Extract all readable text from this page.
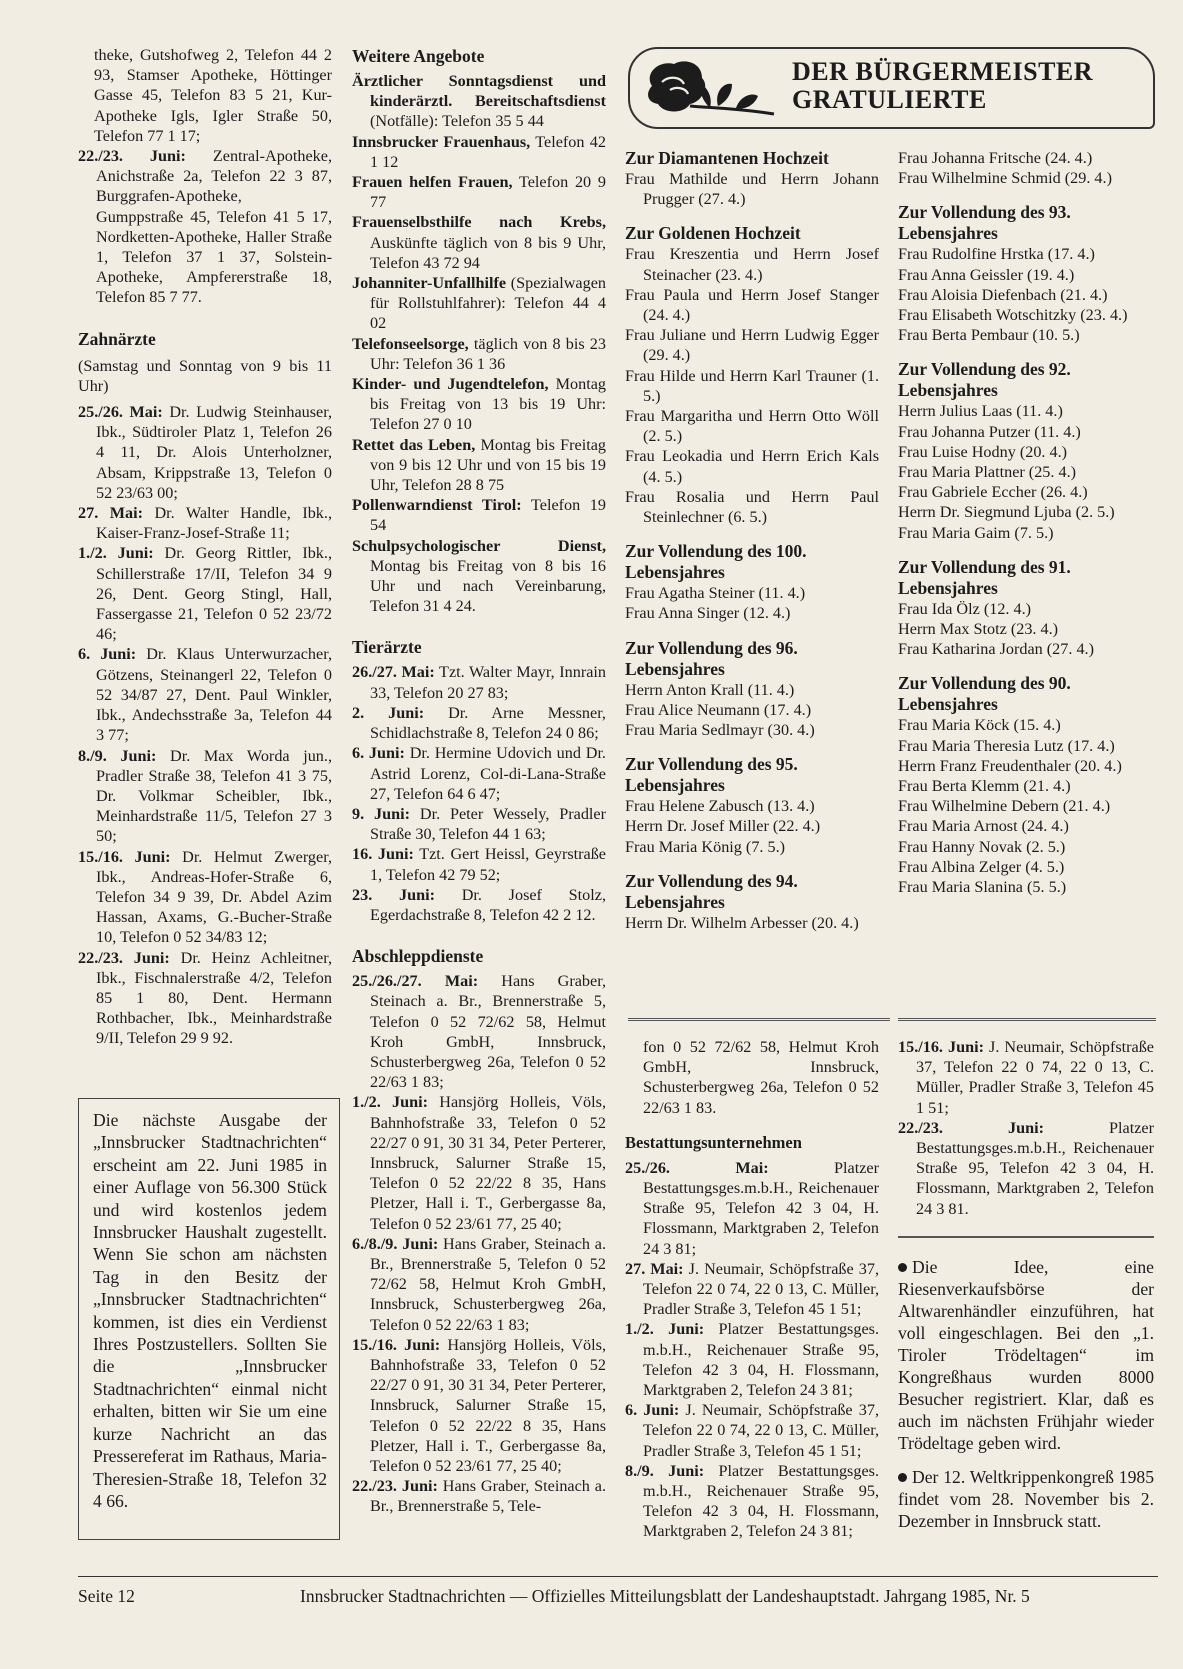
theke, Gutshofweg 2, Telefon 44 2 93, Stamser Apotheke, Höttinger Gasse 45, Telefon 83 5 21, Kur-Apotheke Igls, Igler Straße 50, Telefon 77 1 17;

22./23. Juni: Zentral-Apotheke, Anichstraße 2a, Telefon 22 3 87, Burggrafen-Apotheke, Gumppstraße 45, Telefon 41 5 17, Nordketten-Apotheke, Haller Straße 1, Telefon 37 1 37, Solstein-Apotheke, Ampfererstraße 18, Telefon 85 7 77.

Zahnärzte

(Samstag und Sonntag von 9 bis 11 Uhr)

25./26. Mai: Dr. Ludwig Steinhauser, Ibk., Südtiroler Platz 1, Telefon 26 4 11, Dr. Alois Unterholzner, Absam, Krippstraße 13, Telefon 0 52 23/63 00;

27. Mai: Dr. Walter Handle, Ibk., Kaiser-Franz-Josef-Straße 11;

1./2. Juni: Dr. Georg Rittler, Ibk., Schillerstraße 17/II, Telefon 34 9 26, Dent. Georg Stingl, Hall, Fassergasse 21, Telefon 0 52 23/72 46;

6. Juni: Dr. Klaus Unterwurzacher, Götzens, Steinangerl 22, Telefon 0 52 34/87 27, Dent. Paul Winkler, Ibk., Andechsstraße 3a, Telefon 44 3 77;

8./9. Juni: Dr. Max Worda jun., Pradler Straße 38, Telefon 41 3 75, Dr. Volkmar Scheibler, Ibk., Meinhardstraße 11/5, Telefon 27 3 50;

15./16. Juni: Dr. Helmut Zwerger, Ibk., Andreas-Hofer-Straße 6, Telefon 34 9 39, Dr. Abdel Azim Hassan, Axams, G.-Bucher-Straße 10, Telefon 0 52 34/83 12;

22./23. Juni: Dr. Heinz Achleitner, Ibk., Fischnalerstraße 4/2, Telefon 85 1 80, Dent. Hermann Rothbacher, Ibk., Meinhardstraße 9/II, Telefon 29 9 92.

Die nächste Ausgabe der „Innsbrucker Stadtnachrichten“ erscheint am 22. Juni 1985 in einer Auflage von 56.300 Stück und wird kostenlos jedem Innsbrucker Haushalt zugestellt. Wenn Sie schon am nächsten Tag in den Besitz der „Innsbrucker Stadtnachrichten“ kommen, ist dies ein Verdienst Ihres Postzustellers. Sollten Sie die „Innsbrucker Stadtnachrichten“ einmal nicht erhalten, bitten wir Sie um eine kurze Nachricht an das Pressereferat im Rathaus, Maria-Theresien-Straße 18, Telefon 32 4 66.
Weitere Angebote

Ärztlicher Sonntagsdienst und kinderärztl. Bereitschaftsdienst (Notfälle): Telefon 35 5 44

Innsbrucker Frauenhaus, Telefon 42 1 12

Frauen helfen Frauen, Telefon 20 9 77

Frauenselbsthilfe nach Krebs, Auskünfte täglich von 8 bis 9 Uhr, Telefon 43 72 94

Johanniter-Unfallhilfe (Spezialwagen für Rollstuhlfahrer): Telefon 44 4 02

Telefonseelsorge, täglich von 8 bis 23 Uhr: Telefon 36 1 36

Kinder- und Jugendtelefon, Montag bis Freitag von 13 bis 19 Uhr: Telefon 27 0 10

Rettet das Leben, Montag bis Freitag von 9 bis 12 Uhr und von 15 bis 19 Uhr, Telefon 28 8 75

Pollenwarndienst Tirol: Telefon 19 54

Schulpsychologischer Dienst, Montag bis Freitag von 8 bis 16 Uhr und nach Vereinbarung, Telefon 31 4 24.

Tierärzte

26./27. Mai: Tzt. Walter Mayr, Innrain 33, Telefon 20 27 83;

2. Juni: Dr. Arne Messner, Schidlachstraße 8, Telefon 24 0 86;

6. Juni: Dr. Hermine Udovich und Dr. Astrid Lorenz, Col-di-Lana-Straße 27, Telefon 64 6 47;

9. Juni: Dr. Peter Wessely, Pradler Straße 30, Telefon 44 1 63;

16. Juni: Tzt. Gert Heissl, Geyrstraße 1, Telefon 42 79 52;

23. Juni: Dr. Josef Stolz, Egerdachstraße 8, Telefon 42 2 12.

Abschleppdienste

25./26./27. Mai: Hans Graber, Steinach a. Br., Brennerstraße 5, Telefon 0 52 72/62 58, Helmut Kroh GmbH, Innsbruck, Schusterbergweg 26a, Telefon 0 52 22/63 1 83;

1./2. Juni: Hansjörg Holleis, Völs, Bahnhofstraße 33, Telefon 0 52 22/27 0 91, 30 31 34, Peter Perterer, Innsbruck, Salurner Straße 15, Telefon 0 52 22/22 8 35, Hans Pletzer, Hall i. T., Gerbergasse 8a, Telefon 0 52 23/61 77, 25 40;

6./8./9. Juni: Hans Graber, Steinach a. Br., Brennerstraße 5, Telefon 0 52 72/62 58, Helmut Kroh GmbH, Innsbruck, Schusterbergweg 26a, Telefon 0 52 22/63 1 83;

15./16. Juni: Hansjörg Holleis, Völs, Bahnhofstraße 33, Telefon 0 52 22/27 0 91, 30 31 34, Peter Perterer, Innsbruck, Salurner Straße 15, Telefon 0 52 22/22 8 35, Hans Pletzer, Hall i. T., Gerbergasse 8a, Telefon 0 52 23/61 77, 25 40;

22./23. Juni: Hans Graber, Steinach a. Br., Brennerstraße 5, Tele-

DER BÜRGERMEISTER
GRATULIERTE
Zur Diamantenen Hochzeit

Frau Mathilde und Herrn Johann Prugger (27. 4.)

Zur Goldenen Hochzeit

Frau Kreszentia und Herrn Josef Steinacher (23. 4.)

Frau Paula und Herrn Josef Stanger (24. 4.)

Frau Juliane und Herrn Ludwig Egger (29. 4.)

Frau Hilde und Herrn Karl Trauner (1. 5.)

Frau Margaritha und Herrn Otto Wöll (2. 5.)

Frau Leokadia und Herrn Erich Kals (4. 5.)

Frau Rosalia und Herrn Paul Steinlechner (6. 5.)

Zur Vollendung des 100. Lebensjahres

Frau Agatha Steiner (11. 4.)

Frau Anna Singer (12. 4.)

Zur Vollendung des 96. Lebensjahres

Herrn Anton Krall (11. 4.)

Frau Alice Neumann (17. 4.)

Frau Maria Sedlmayr (30. 4.)

Zur Vollendung des 95. Lebensjahres

Frau Helene Zabusch (13. 4.)

Herrn Dr. Josef Miller (22. 4.)

Frau Maria König (7. 5.)

Zur Vollendung des 94. Lebensjahres

Herrn Dr. Wilhelm Arbesser (20. 4.)

Frau Johanna Fritsche (24. 4.)

Frau Wilhelmine Schmid (29. 4.)

Zur Vollendung des 93. Lebensjahres

Frau Rudolfine Hrstka (17. 4.)

Frau Anna Geissler (19. 4.)

Frau Aloisia Diefenbach (21. 4.)

Frau Elisabeth Wotschitzky (23. 4.)

Frau Berta Pembaur (10. 5.)

Zur Vollendung des 92. Lebensjahres

Herrn Julius Laas (11. 4.)

Frau Johanna Putzer (11. 4.)

Frau Luise Hodny (20. 4.)

Frau Maria Plattner (25. 4.)

Frau Gabriele Eccher (26. 4.)

Herrn Dr. Siegmund Ljuba (2. 5.)

Frau Maria Gaim (7. 5.)

Zur Vollendung des 91. Lebensjahres

Frau Ida Ölz (12. 4.)

Herrn Max Stotz (23. 4.)

Frau Katharina Jordan (27. 4.)

Zur Vollendung des 90. Lebensjahres

Frau Maria Köck (15. 4.)

Frau Maria Theresia Lutz (17. 4.)

Herrn Franz Freudenthaler (20. 4.)

Frau Berta Klemm (21. 4.)

Frau Wilhelmine Debern (21. 4.)

Frau Maria Arnost (24. 4.)

Frau Hanny Novak (2. 5.)

Frau Albina Zelger (4. 5.)

Frau Maria Slanina (5. 5.)

fon 0 52 72/62 58, Helmut Kroh GmbH, Innsbruck, Schusterbergweg 26a, Telefon 0 52 22/63 1 83.

Bestattungsunternehmen

25./26. Mai: Platzer Bestattungsges.m.b.H., Reichenauer Straße 95, Telefon 42 3 04, H. Flossmann, Marktgraben 2, Telefon 24 3 81;

27. Mai: J. Neumair, Schöpfstraße 37, Telefon 22 0 74, 22 0 13, C. Müller, Pradler Straße 3, Telefon 45 1 51;

1./2. Juni: Platzer Bestattungsges. m.b.H., Reichenauer Straße 95, Telefon 42 3 04, H. Flossmann, Marktgraben 2, Telefon 24 3 81;

6. Juni: J. Neumair, Schöpfstraße 37, Telefon 22 0 74, 22 0 13, C. Müller, Pradler Straße 3, Telefon 45 1 51;

8./9. Juni: Platzer Bestattungsges. m.b.H., Reichenauer Straße 95, Telefon 42 3 04, H. Flossmann, Marktgraben 2, Telefon 24 3 81;

15./16. Juni: J. Neumair, Schöpfstraße 37, Telefon 22 0 74, 22 0 13, C. Müller, Pradler Straße 3, Telefon 45 1 51;

22./23. Juni: Platzer Bestattungsges.m.b.H., Reichenauer Straße 95, Telefon 42 3 04, H. Flossmann, Marktgraben 2, Telefon 24 3 81.

Die Idee, eine Riesenverkaufsbörse der Altwarenhändler einzuführen, hat voll eingeschlagen. Bei den „1. Tiroler Trödeltagen“ im Kongreßhaus wurden 8000 Besucher registriert. Klar, daß es auch im nächsten Frühjahr wieder Trödeltage geben wird.

Der 12. Weltkrippenkongreß 1985 findet vom 28. November bis 2. Dezember in Innsbruck statt.

Seite 12	Innsbrucker Stadtnachrichten — Offizielles Mitteilungsblatt der Landeshauptstadt. Jahrgang 1985, Nr. 5
